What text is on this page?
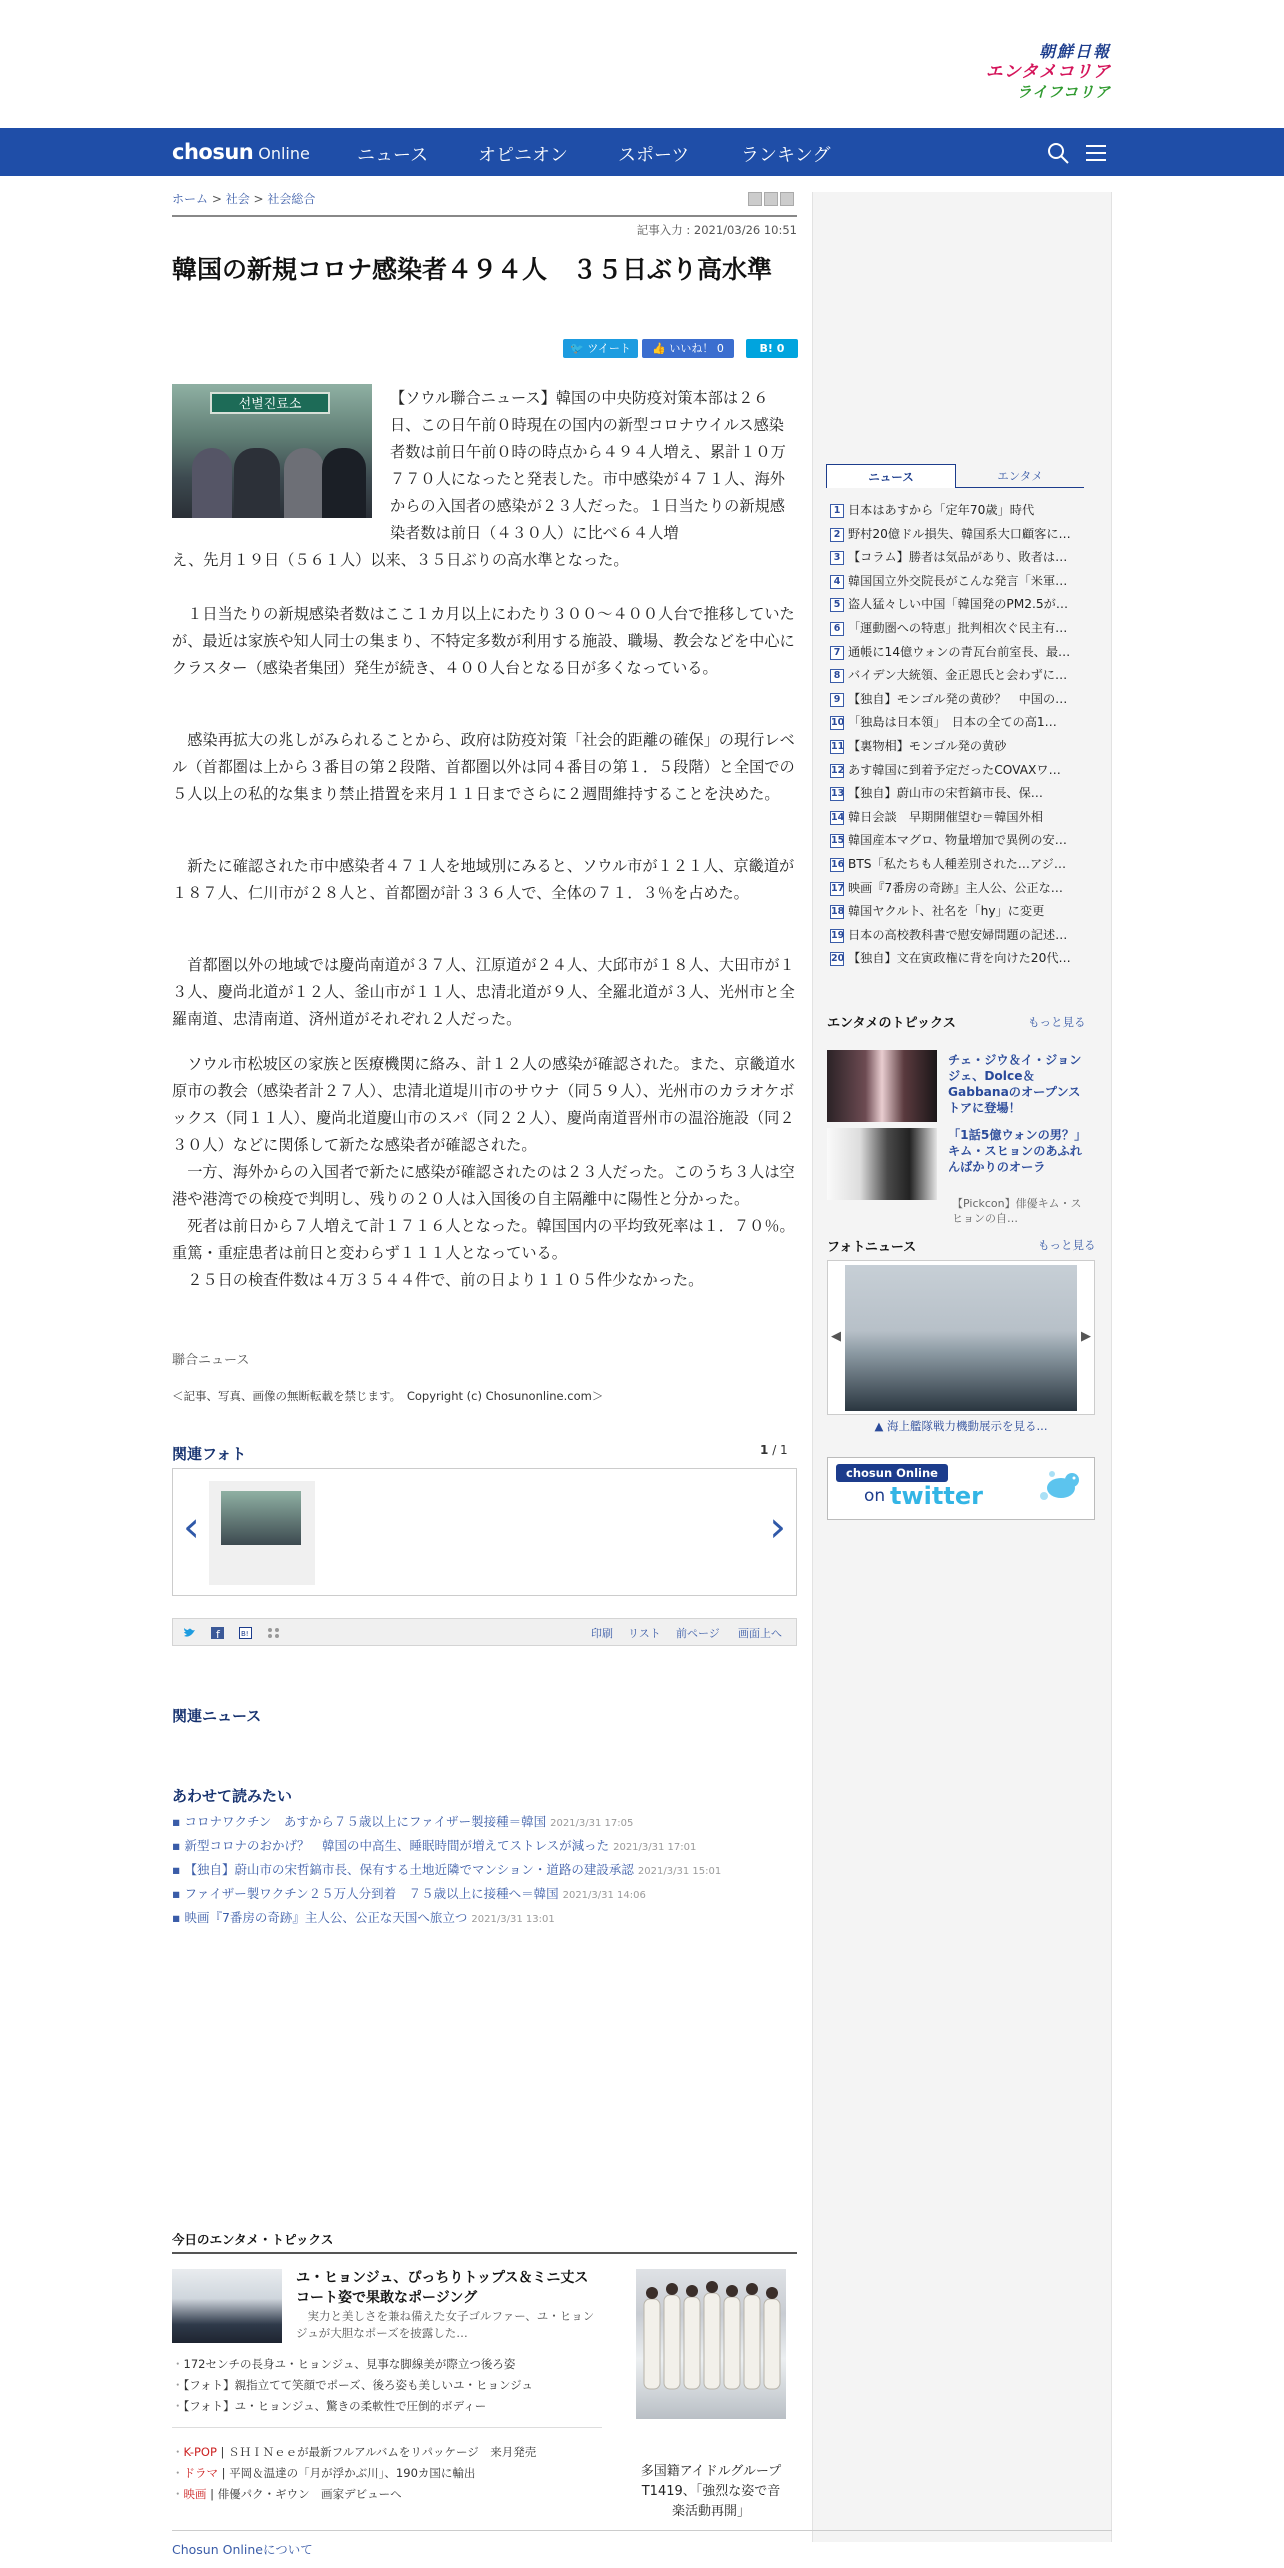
朝鮮日報
エンタメコリア
ライフコリア
chosun Online	ニュース	オピニオン	スポーツ	ランキング
ホーム > 社会 > 社会総合
記事入力 : 2021/03/26 10:51
韓国の新規コロナ感染者４９４人　３５日ぶり高水準
🐦 ツイート	👍 いいね！ 0	B! 0
선별진료소	【ソウル聯合ニュース】韓国の中央防疫対策本部は２６日、この日午前０時現在の国内の新型コロナウイルス感染者数は前日午前０時の時点から４９４人増え、累計１０万７７０人になったと発表した。市中感染が４７１人、海外からの入国者の感染が２３人だった。１日当たりの新規感染者数は前日（４３０人）に比べ６４人増

え、先月１９日（５６１人）以来、３５日ぶりの高水準となった。

　１日当たりの新規感染者数はここ１カ月以上にわたり３００～４００人台で推移していたが、最近は家族や知人同士の集まり、不特定多数が利用する施設、職場、教会などを中心にクラスター（感染者集団）発生が続き、４００人台となる日が多くなっている。

　感染再拡大の兆しがみられることから、政府は防疫対策「社会的距離の確保」の現行レベル（首都圏は上から３番目の第２段階、首都圏以外は同４番目の第１．５段階）と全国での５人以上の私的な集まり禁止措置を来月１１日までさらに２週間維持することを決めた。

　新たに確認された市中感染者４７１人を地域別にみると、ソウル市が１２１人、京畿道が１８７人、仁川市が２８人と、首都圏が計３３６人で、全体の７１．３％を占めた。

　首都圏以外の地域では慶尚南道が３７人、江原道が２４人、大邱市が１８人、大田市が１３人、慶尚北道が１２人、釜山市が１１人、忠清北道が９人、全羅北道が３人、光州市と全羅南道、忠清南道、済州道がそれぞれ２人だった。

　ソウル市松坡区の家族と医療機関に絡み、計１２人の感染が確認された。また、京畿道水原市の教会（感染者計２７人）、忠清北道堤川市のサウナ（同５９人）、光州市のカラオケボックス（同１１人）、慶尚北道慶山市のスパ（同２２人）、慶尚南道晋州市の温浴施設（同２３０人）などに関係して新たな感染者が確認された。
　一方、海外からの入国者で新たに感染が確認されたのは２３人だった。このうち３人は空港や港湾での検疫で判明し、残りの２０人は入国後の自主隔離中に陽性と分かった。
　死者は前日から７人増えて計１７１６人となった。韓国国内の平均致死率は１．７０％。重篤・重症患者は前日と変わらず１１１人となっている。
　２５日の検査件数は４万３５４４件で、前の日より１１０５件少なかった。

聯合ニュース
＜記事、写真、画像の無断転載を禁じます。　Copyright (c) Chosunonline.com＞
関連フォト	1 / 1
‹	›
f	B!	印刷 リスト 前ページ 画面上へ
関連ニュース
あわせて読みたい
▪ コロナワクチン　あすから７５歳以上にファイザー製接種＝韓国 2021/3/31 17:05
▪ 新型コロナのおかげ？　韓国の中高生、睡眠時間が増えてストレスが減った 2021/3/31 17:01
▪ 【独自】蔚山市の宋哲鎬市長、保有する土地近隣でマンション・道路の建設承認 2021/3/31 15:01
▪ ファイザー製ワクチン２５万人分到着　７５歳以上に接種へ＝韓国 2021/3/31 14:06
▪ 映画『7番房の奇跡』主人公、公正な天国へ旅立つ 2021/3/31 13:01
ニュース	エンタメ
1 日本はあすから「定年70歳」時代
2 野村20億ドル損失、韓国系大口顧客に…
3 【コラム】勝者は気品があり、敗者は…
4 韓国国立外交院長がこんな発言「米軍…
5 盗人猛々しい中国「韓国発のPM2.5が…
6 「運動圏への特恵」批判相次ぐ民主有…
7 通帳に14億ウォンの青瓦台前室長、最…
8 バイデン大統領、金正恩氏と会わずに…
9 【独自】モンゴル発の黄砂？　中国の…
10 「独島は日本領」　日本の全ての高1…
11 【裏物相】モンゴル発の黄砂
12 あす韓国に到着予定だったCOVAXワ…
13 【独自】蔚山市の宋哲鎬市長、保…
14 韓日会談　早期開催望む＝韓国外相
15 韓国産本マグロ、物量増加で異例の安…
16 BTS「私たちも人種差別された…アジ…
17 映画『7番房の奇跡』主人公、公正な…
18 韓国ヤクルト、社名を「hy」に変更
19 日本の高校教科書で慰安婦問題の記述…
20 【独自】文在寅政権に背を向けた20代…
エンタメのトピックス	もっと見る
チェ・ジウ＆イ・ジョンジェ、Dolce＆Gabbanaのオープンストアに登場！
「1話5億ウォンの男？」　キム・スヒョンのあふれんばかりのオーラ
【Pickcon】俳優キム・スヒョンの自…
フォトニュース	もっと見る
◀	▶
▲ 海上艦隊戦力機動展示を見る...
chosun Online
on twitter
今日のエンタメ・トピックス
ユ・ヒョンジュ、ぴっちりトップス＆ミニ丈スコート姿で果敢なポージング
実力と美しさを兼ね備えた女子ゴルファー、ユ・ヒョンジュが大胆なポーズを披露した…
・172センチの長身ユ・ヒョンジュ、見事な脚線美が際立つ後ろ姿
・【フォト】親指立てて笑顔でポーズ、後ろ姿も美しいユ・ヒョンジュ
・【フォト】ユ・ヒョンジュ、驚きの柔軟性で圧倒的ボディー
・K-POP | ＳＨＩＮｅｅが最新フルアルバムをリパッケージ　来月発売
・ドラマ | 平岡＆温達の「月が浮かぶ川」、190カ国に輸出
・映画 | 俳優パク・ギウン　画家デビューへ
多国籍アイドルグループT1419、「強烈な姿で音楽活動再開」
Chosun Onlineについて
